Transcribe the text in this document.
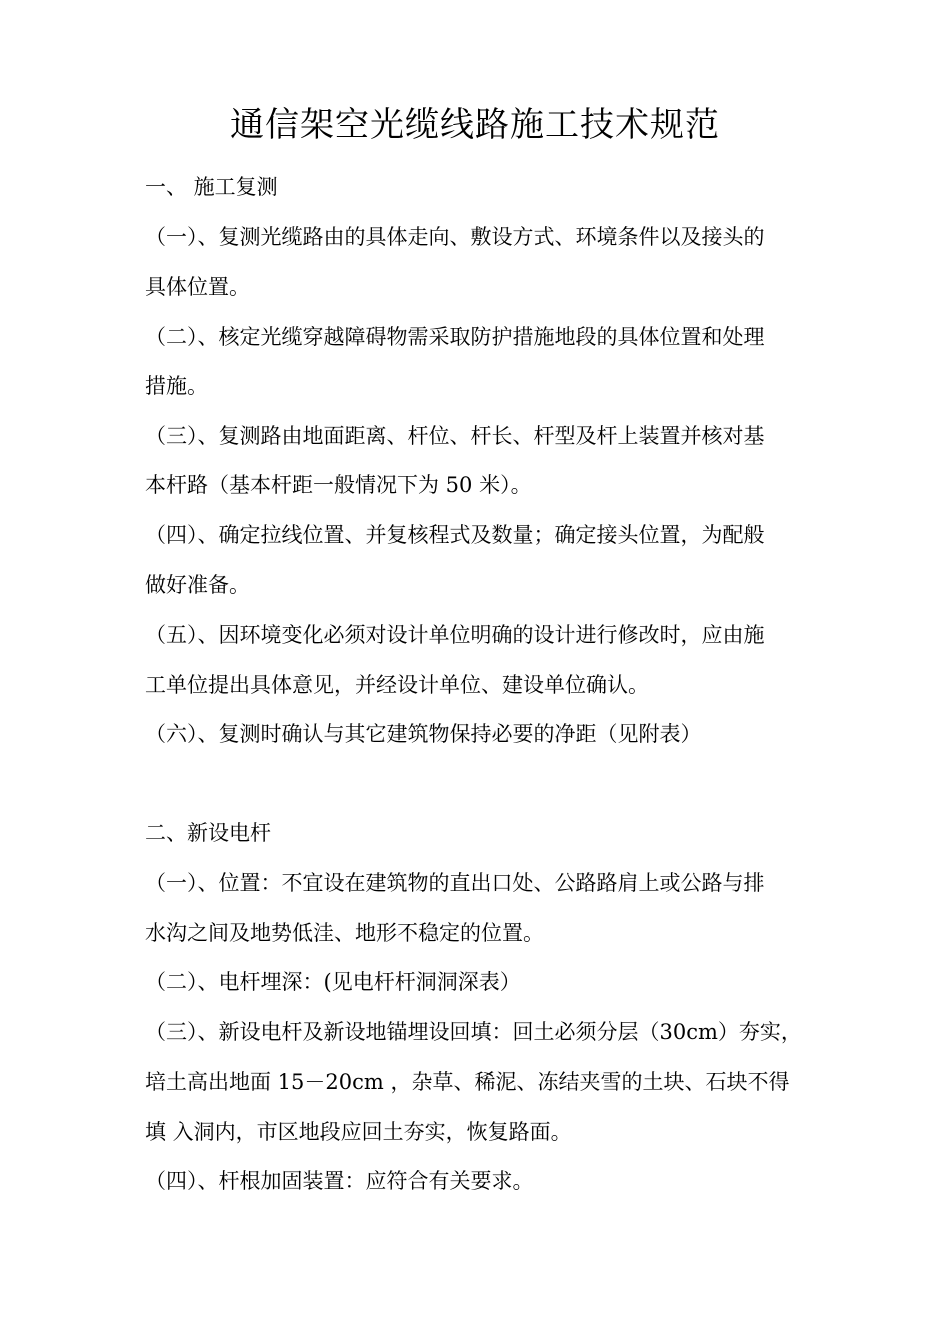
通信架空光缆线路施工技术规范
一、 施工复测
（一）、复测光缆路由的具体走向、敷设方式、环境条件以及接头的
具体位置。
（二）、核定光缆穿越障碍物需采取防护措施地段的具体位置和处理
措施。
（三）、复测路由地面距离、杆位、杆长、杆型及杆上装置并核对基
本杆路（基本杆距一般情况下为 50 米）。
（四）、确定拉线位置、并复核程式及数量；确定接头位置，为配般
做好准备。
（五）、因环境变化必须对设计单位明确的设计进行修改时，应由施
工单位提出具体意见，并经设计单位、建设单位确认。
（六）、复测时确认与其它建筑物保持必要的净距（见附表）
二、新设电杆
（一）、位置：不宜设在建筑物的直出口处、公路路肩上或公路与排
水沟之间及地势低洼、地形不稳定的位置。
（二）、电杆埋深：(见电杆杆洞洞深表）
（三）、新设电杆及新设地锚埋设回填：回土必须分层（30cm）夯实，
培土高出地面 15－20cm ，杂草、稀泥、冻结夹雪的土块、石块不得
填 入洞内，市区地段应回土夯实，恢复路面。
（四）、杆根加固装置：应符合有关要求。
